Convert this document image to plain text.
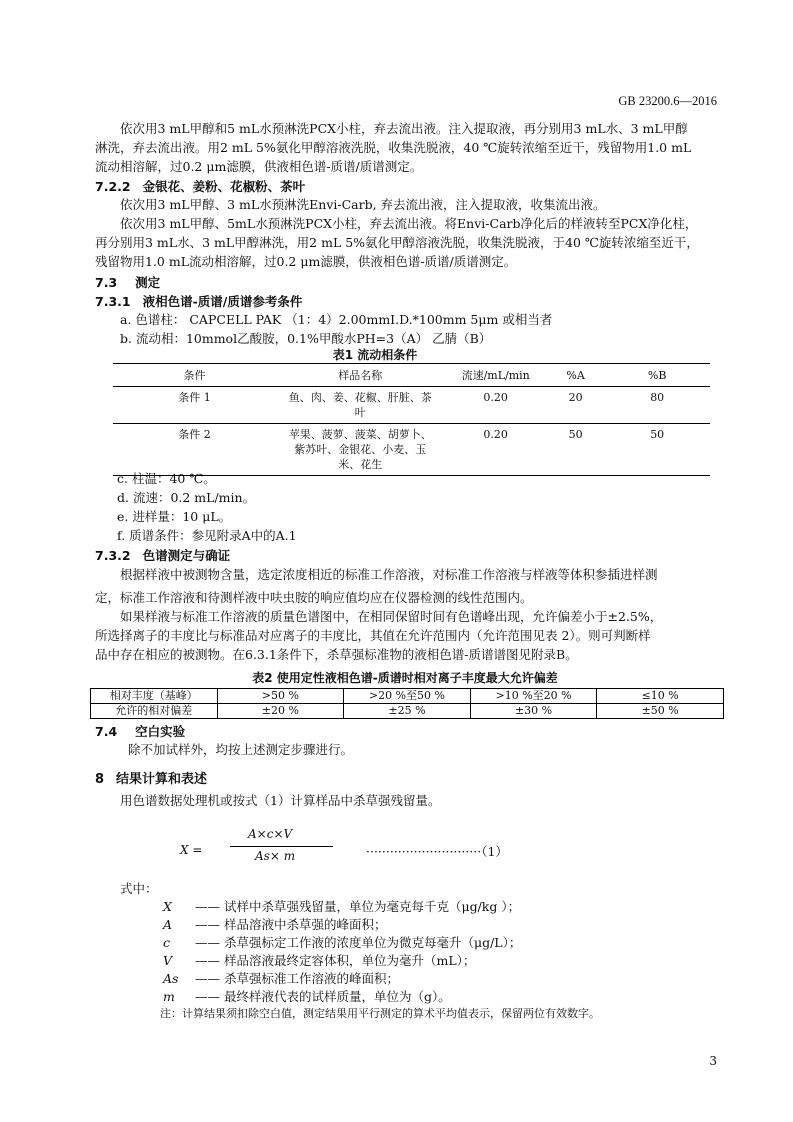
GB 23200.6—2016
依次用3 mL甲醇和5 mL水预淋洗PCX小柱，弃去流出液。注入提取液，再分别用3 mL水、3 mL甲醇
淋洗，弃去流出液。用2 mL 5%氨化甲醇溶液洗脱，收集洗脱液，40 ℃旋转浓缩至近干，残留物用1.0 mL
流动相溶解，过0.2 μm滤膜，供液相色谱-质谱/质谱测定。
7.2.2 金银花、姜粉、花椒粉、茶叶
依次用3 mL甲醇、3 mL水预淋洗Envi-Carb, 弃去流出液，注入提取液，收集流出液。
依次用3 mL甲醇、5mL水预淋洗PCX小柱，弃去流出液。将Envi-Carb净化后的样液转至PCX净化柱，
再分别用3 mL水、3 mL甲醇淋洗，用2 mL 5%氨化甲醇溶液洗脱，收集洗脱液，于40 ℃旋转浓缩至近干，
残留物用1.0 mL流动相溶解，过0.2 μm滤膜，供液相色谱-质谱/质谱测定。
7.3 测定
7.3.1 液相色谱-质谱/质谱参考条件
a. 色谱柱： CAPCELL PAK （1：4）2.00mmI.D.*100mm 5μm 或相当者
b. 流动相：10mmol乙酸胺，0.1%甲酸水PH=3（A） 乙腈（B）
表1 流动相条件
条件	样品名称	流速/mL/min	%A	%B
条件 1	鱼、肉、姜、花椒、肝脏、茶叶	0.20	20	80
条件 2	苹果、菠萝、菠菜、胡萝卜、紫苏叶、金银花、小麦、玉米、花生	0.20	50	50
c. 柱温：40 ℃。
d. 流速：0.2 mL/min。
e. 进样量：10 μL。
f. 质谱条件：参见附录A中的A.1
7.3.2 色谱测定与确证
根据样液中被测物含量，选定浓度相近的标准工作溶液，对标准工作溶液与样液等体积参插进样测
定，标准工作溶液和待测样液中呋虫胺的响应值均应在仪器检测的线性范围内。
如果样液与标准工作溶液的质量色谱图中，在相同保留时间有色谱峰出现，允许偏差小于±2.5%，
所选择离子的丰度比与标准品对应离子的丰度比，其值在允许范围内（允许范围见表 2）。则可判断样
品中存在相应的被测物。在6.3.1条件下，杀草强标准物的液相色谱-质谱谱图见附录B。
表2 使用定性液相色谱-质谱时相对离子丰度最大允许偏差
相对丰度（基峰）	>50 %	>20 %至50 %	>10 %至20 %	≤10 %
允许的相对偏差	±20 %	±25 %	±30 %	±50 %
7.4 空白实验
除不加试样外，均按上述测定步骤进行。
8 结果计算和表述
用色谱数据处理机或按式（1）计算样品中杀草强残留量。
X =
A×c×V
As× m	·····························（1）
式中：
X —— 试样中杀草强残留量，单位为毫克每千克（μg/kg ）；
A —— 样品溶液中杀草强的峰面积；
c —— 杀草强标定工作液的浓度单位为微克每毫升（μg/L）；
V —— 样品溶液最终定容体积，单位为毫升（mL）；
As —— 杀草强标准工作溶液的峰面积；
m —— 最终样液代表的试样质量，单位为（g）。
注：计算结果须扣除空白值，测定结果用平行测定的算术平均值表示，保留两位有效数字。
3
